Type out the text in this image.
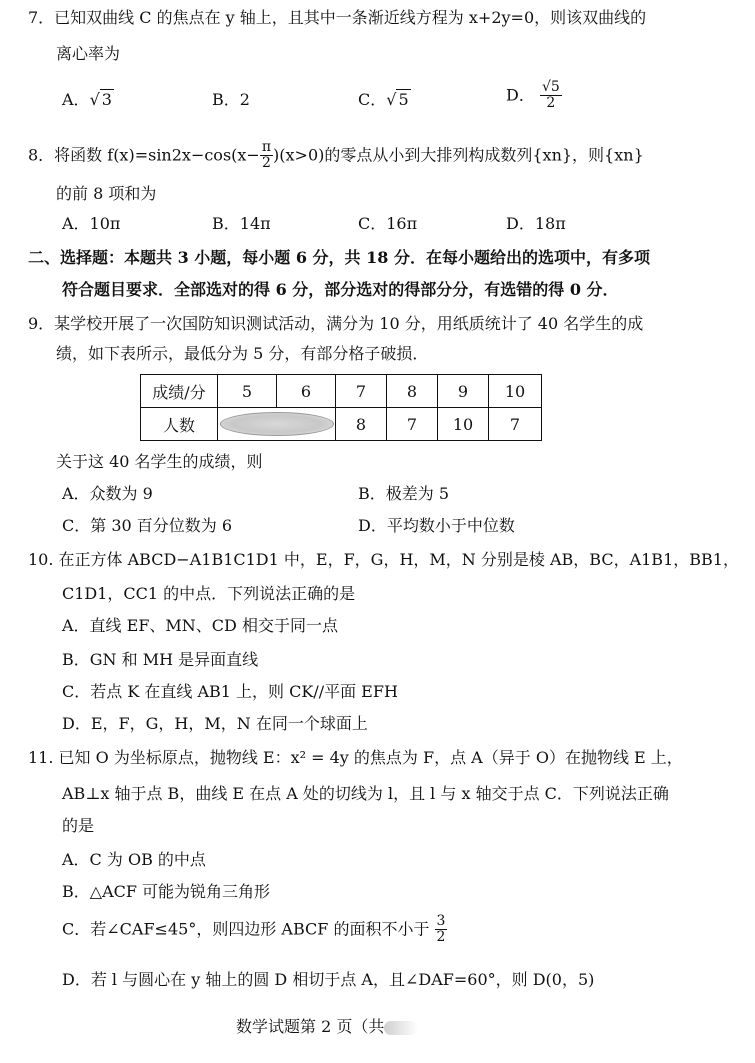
7．已知双曲线 C 的焦点在 y 轴上，且其中一条渐近线方程为 x+2y=0，则该双曲线的
离心率为
A．√ 3	B．2	C．√ 5	D． $\frac{√5}{2}$
8．将函数 $f(x)=\sin 2x-\cos(x- \frac{\pi}{2} )(x>0)$的零点从小到大排列构成数列{xn}，则{xn}
的前 8 项和为
A．10π	B．14π	C．16π	D．18π
二、选择题：本题共 3 小题，每小题 6 分，共 18 分．在每小题给出的选项中，有多项
符合题目要求．全部选对的得 6 分，部分选对的得部分分，有选错的得 0 分．
9．某学校开展了一次国防知识测试活动，满分为 10 分，用纸质统计了 40 名学生的成
绩，如下表所示，最低分为 5 分，有部分格子破损．
成绩/分	5	6	7	8	9	10
人数			8	7	10	7
关于这 40 名学生的成绩，则
A．众数为 9	B．极差为 5
C．第 30 百分位数为 6	D．平均数小于中位数
10. 在正方体 ABCD−A1B1C1D1 中，E，F，G，H，M，N 分别是棱 AB，BC，A1B1，BB1，
C1D1，CC1 的中点．下列说法正确的是
A．直线 EF、MN、CD 相交于同一点
B．GN 和 MH 是异面直线
C．若点 K 在直线 AB1 上，则 CK//平面 EFH
D．E，F，G，H，M，N 在同一个球面上
11. 已知 O 为坐标原点，抛物线 E：x² = 4y 的焦点为 F，点 A（异于 O）在抛物线 E 上，
AB⊥x 轴于点 B，曲线 E 在点 A 处的切线为 l，且 l 与 x 轴交于点 C．下列说法正确
的是
A．C 为 OB 的中点
B．△ACF 可能为锐角三角形
C．若∠CAF≤45°，则四边形 ABCF 的面积不小于 $\frac{3}{2}$
D．若 l 与圆心在 y 轴上的圆 D 相切于点 A，且∠DAF=60°，则 D(0，5)
数学试题第 2 页（共
